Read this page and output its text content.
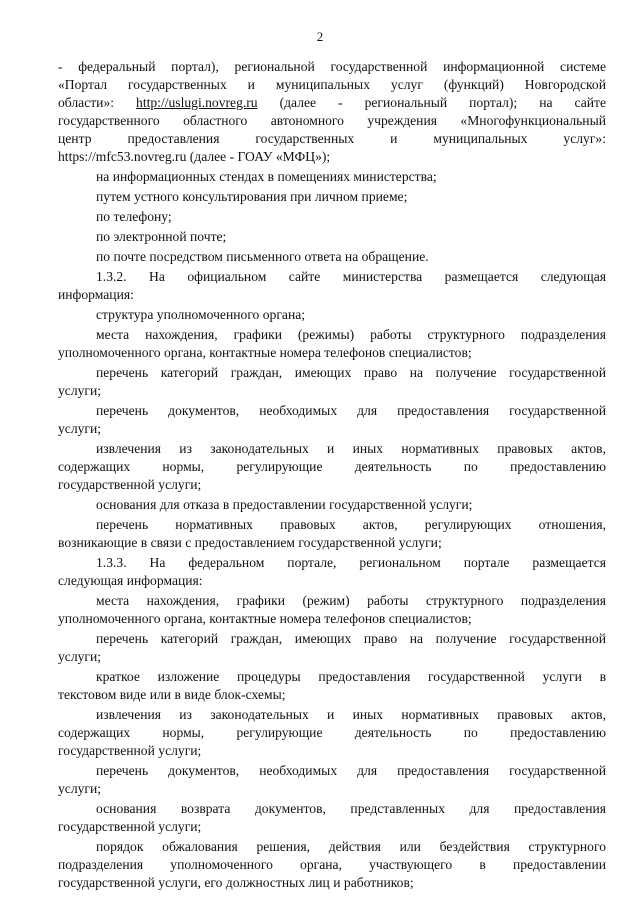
2
- федеральный портал), региональной государственной информационной системе
«Портал государственных и муниципальных услуг (функций) Новгородской
области»: http://uslugi.novreg.ru (далее - региональный портал); на сайте
государственного областного автономного учреждения «Многофункциональный
центр предоставления государственных и муниципальных услуг»:
https://mfc53.novreg.ru (далее - ГОАУ «МФЦ»);
на информационных стендах в помещениях министерства;
путем устного консультирования при личном приеме;
по телефону;
по электронной почте;
по почте посредством письменного ответа на обращение.
1.3.2. На официальном сайте министерства размещается следующая
информация:
структура уполномоченного органа;
места нахождения, графики (режимы) работы структурного подразделения
уполномоченного органа, контактные номера телефонов специалистов;
перечень категорий граждан, имеющих право на получение государственной
услуги;
перечень документов, необходимых для предоставления государственной
услуги;
извлечения из законодательных и иных нормативных правовых актов,
содержащих нормы, регулирующие деятельность по предоставлению
государственной услуги;
основания для отказа в предоставлении государственной услуги;
перечень нормативных правовых актов, регулирующих отношения,
возникающие в связи с предоставлением государственной услуги;
1.3.3. На федеральном портале, региональном портале размещается
следующая информация:
места нахождения, графики (режим) работы структурного подразделения
уполномоченного органа, контактные номера телефонов специалистов;
перечень категорий граждан, имеющих право на получение государственной
услуги;
краткое изложение процедуры предоставления государственной услуги в
текстовом виде или в виде блок-схемы;
извлечения из законодательных и иных нормативных правовых актов,
содержащих нормы, регулирующие деятельность по предоставлению
государственной услуги;
перечень документов, необходимых для предоставления государственной
услуги;
основания возврата документов, представленных для предоставления
государственной услуги;
порядок обжалования решения, действия или бездействия структурного
подразделения уполномоченного органа, участвующего в предоставлении
государственной услуги, его должностных лиц и работников;
